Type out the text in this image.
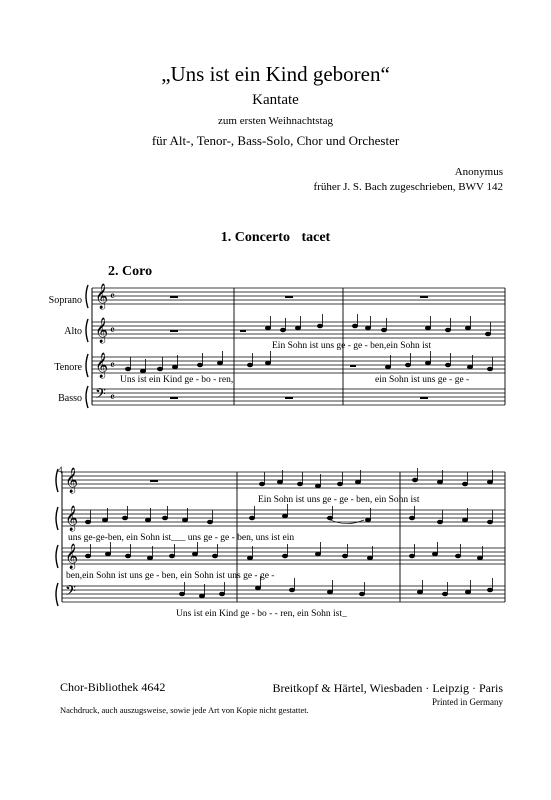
„Uns ist ein Kind geboren“
Kantate
zum ersten Weihnachtstag
für Alt-, Tenor-, Bass-Solo, Chor und Orchester
Anonymus
früher J. S. Bach zugeschrieben, BWV 142
1. Concerto tacet
2. Coro
Soprano
Alto
Tenore
Basso
𝄞
𝄞
𝄞
𝄢
𝄴
𝄴
𝄴
𝄴
𝄞
𝄞
𝄞
𝄢
Ein Sohn ist uns ge - ge - ben,ein Sohn ist
Uns ist ein Kind ge - bo - ren,	ein Sohn ist uns ge - ge -
4
Ein Sohn ist uns ge - ge - ben, ein Sohn ist
uns ge-ge-ben, ein Sohn ist___ uns ge - ge - ben, uns ist ein
ben,ein Sohn ist uns ge - ben, ein Sohn ist uns ge - ge -
Uns ist ein Kind ge - bo - - ren, ein Sohn ist_
Chor-Bibliothek 4642	Breitkopf & Härtel, Wiesbaden · Leipzig · Paris
Printed in Germany
Nachdruck, auch auszugsweise, sowie jede Art von Kopie nicht gestattet.
